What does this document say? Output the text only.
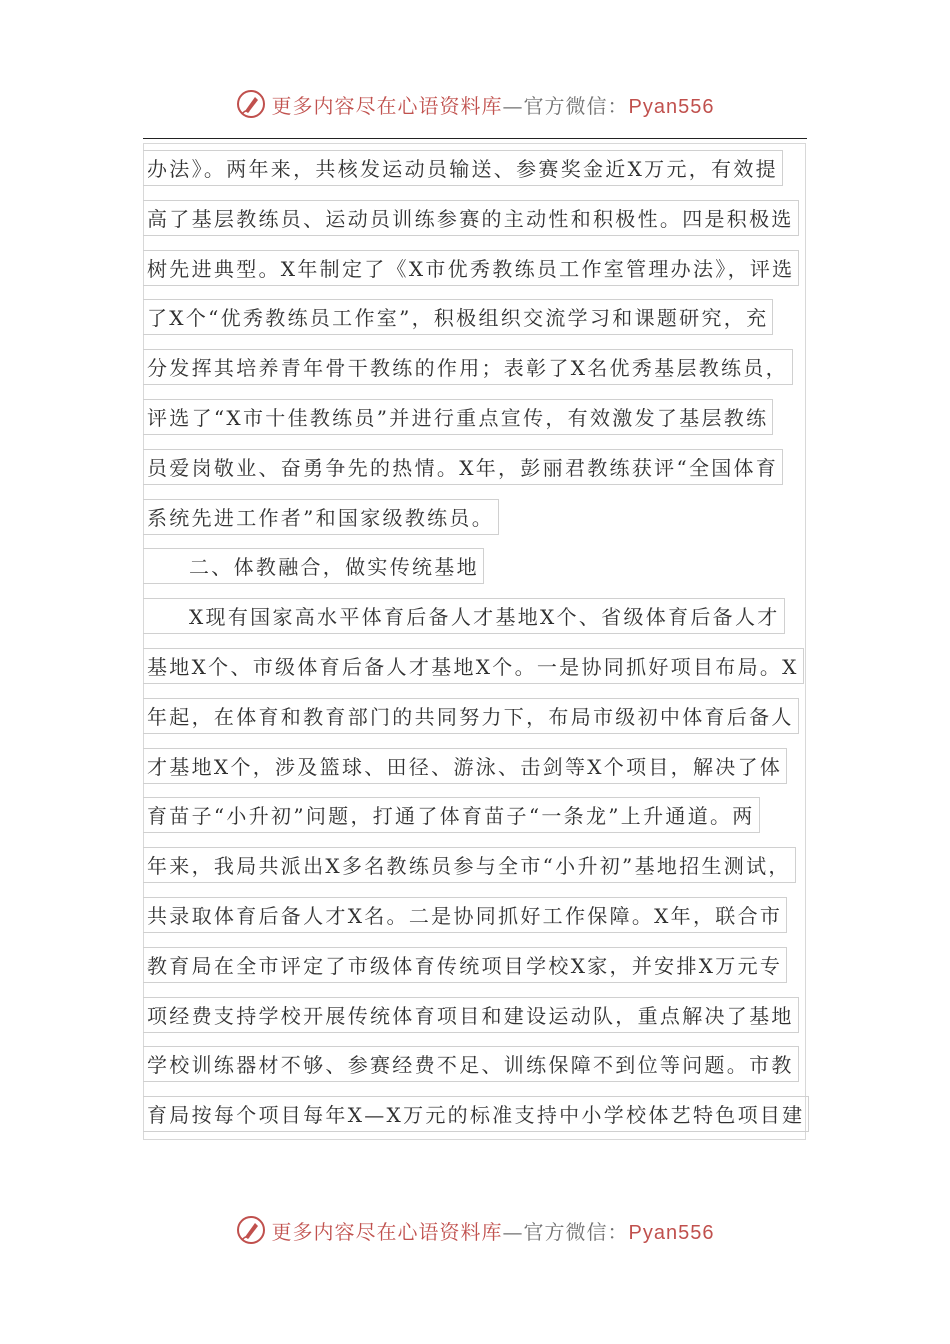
更多内容尽在心语资料库—官方微信：Pyan556
办法》。两年来，共核发运动员输送、参赛奖金近X万元，有效提
高了基层教练员、运动员训练参赛的主动性和积极性。四是积极选
树先进典型。X年制定了《X市优秀教练员工作室管理办法》，评选
了X个“优秀教练员工作室”，积极组织交流学习和课题研究，充
分发挥其培养青年骨干教练的作用；表彰了X名优秀基层教练员，
评选了“X市十佳教练员”并进行重点宣传，有效激发了基层教练
员爱岗敬业、奋勇争先的热情。X年，彭丽君教练获评“全国体育
系统先进工作者”和国家级教练员。
二、体教融合，做实传统基地
X现有国家高水平体育后备人才基地X个、省级体育后备人才
基地X个、市级体育后备人才基地X个。一是协同抓好项目布局。X
年起，在体育和教育部门的共同努力下，布局市级初中体育后备人
才基地X个，涉及篮球、田径、游泳、击剑等X个项目，解决了体
育苗子“小升初”问题，打通了体育苗子“一条龙”上升通道。两
年来，我局共派出X多名教练员参与全市“小升初”基地招生测试，
共录取体育后备人才X名。二是协同抓好工作保障。X年，联合市
教育局在全市评定了市级体育传统项目学校X家，并安排X万元专
项经费支持学校开展传统体育项目和建设运动队，重点解决了基地
学校训练器材不够、参赛经费不足、训练保障不到位等问题。市教
育局按每个项目每年X—X万元的标准支持中小学校体艺特色项目建
更多内容尽在心语资料库—官方微信：Pyan556
